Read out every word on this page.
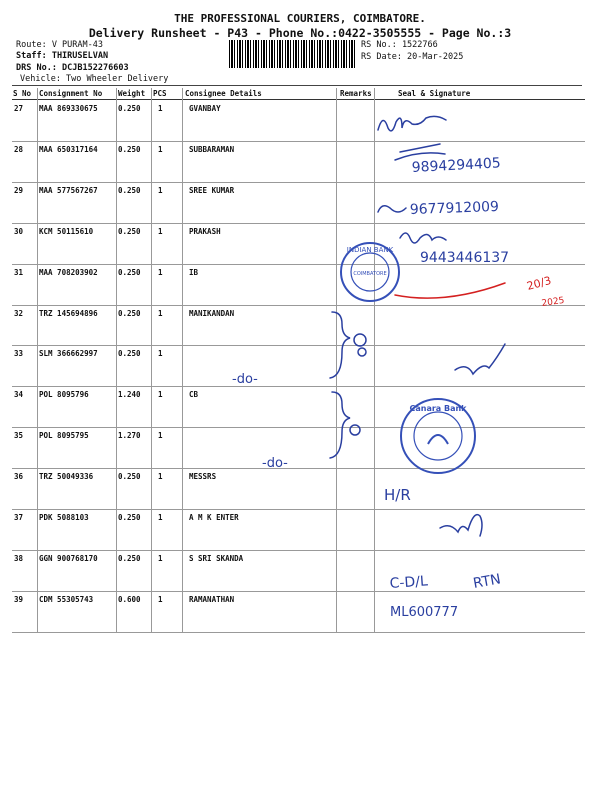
THE PROFESSIONAL COURIERS, COIMBATORE.
Delivery Runsheet - P43 - Phone No.:0422-3505555 - Page No.:3
Route: V PURAM-43
Staff: THIRUSELVAN
DRS No.: DCJB152276603
RS No.: 1522766
RS Date: 20-Mar-2025
Vehicle: Two Wheeler Delivery
S No Consignment No Weight PCS Consignee Details	Remarks	Seal & Signature
27 MAA 869330675	0.250 1	GVANBAY
28 MAA 650317164	0.250 1	SUBBARAMAN
29 MAA 577567267	0.250 1	SREE KUMAR
30 KCM 50115610	0.250 1	PRAKASH
31 MAA 708203902	0.250 1	IB
32 TRZ 145694896	0.250 1	MANIKANDAN
33 SLM 366662997	0.250 1
34 POL 8095796	1.240 1	CB
35 POL 8095795	1.270 1
36 TRZ 50049336	0.250 1	MESSRS
37 PDK 5088103	0.250 1	A M K ENTER
38 GGN 900768170	0.250 1	S SRI SKANDA
39 CDM 55305743	0.600 1	RAMANATHAN
INDIAN BANK
COIMBATORE
Canara Bank
9894294405
9677912009
9443446137
20/3
2025
-do-
-do-
H/R
C-D/L	RTN
ML600777
